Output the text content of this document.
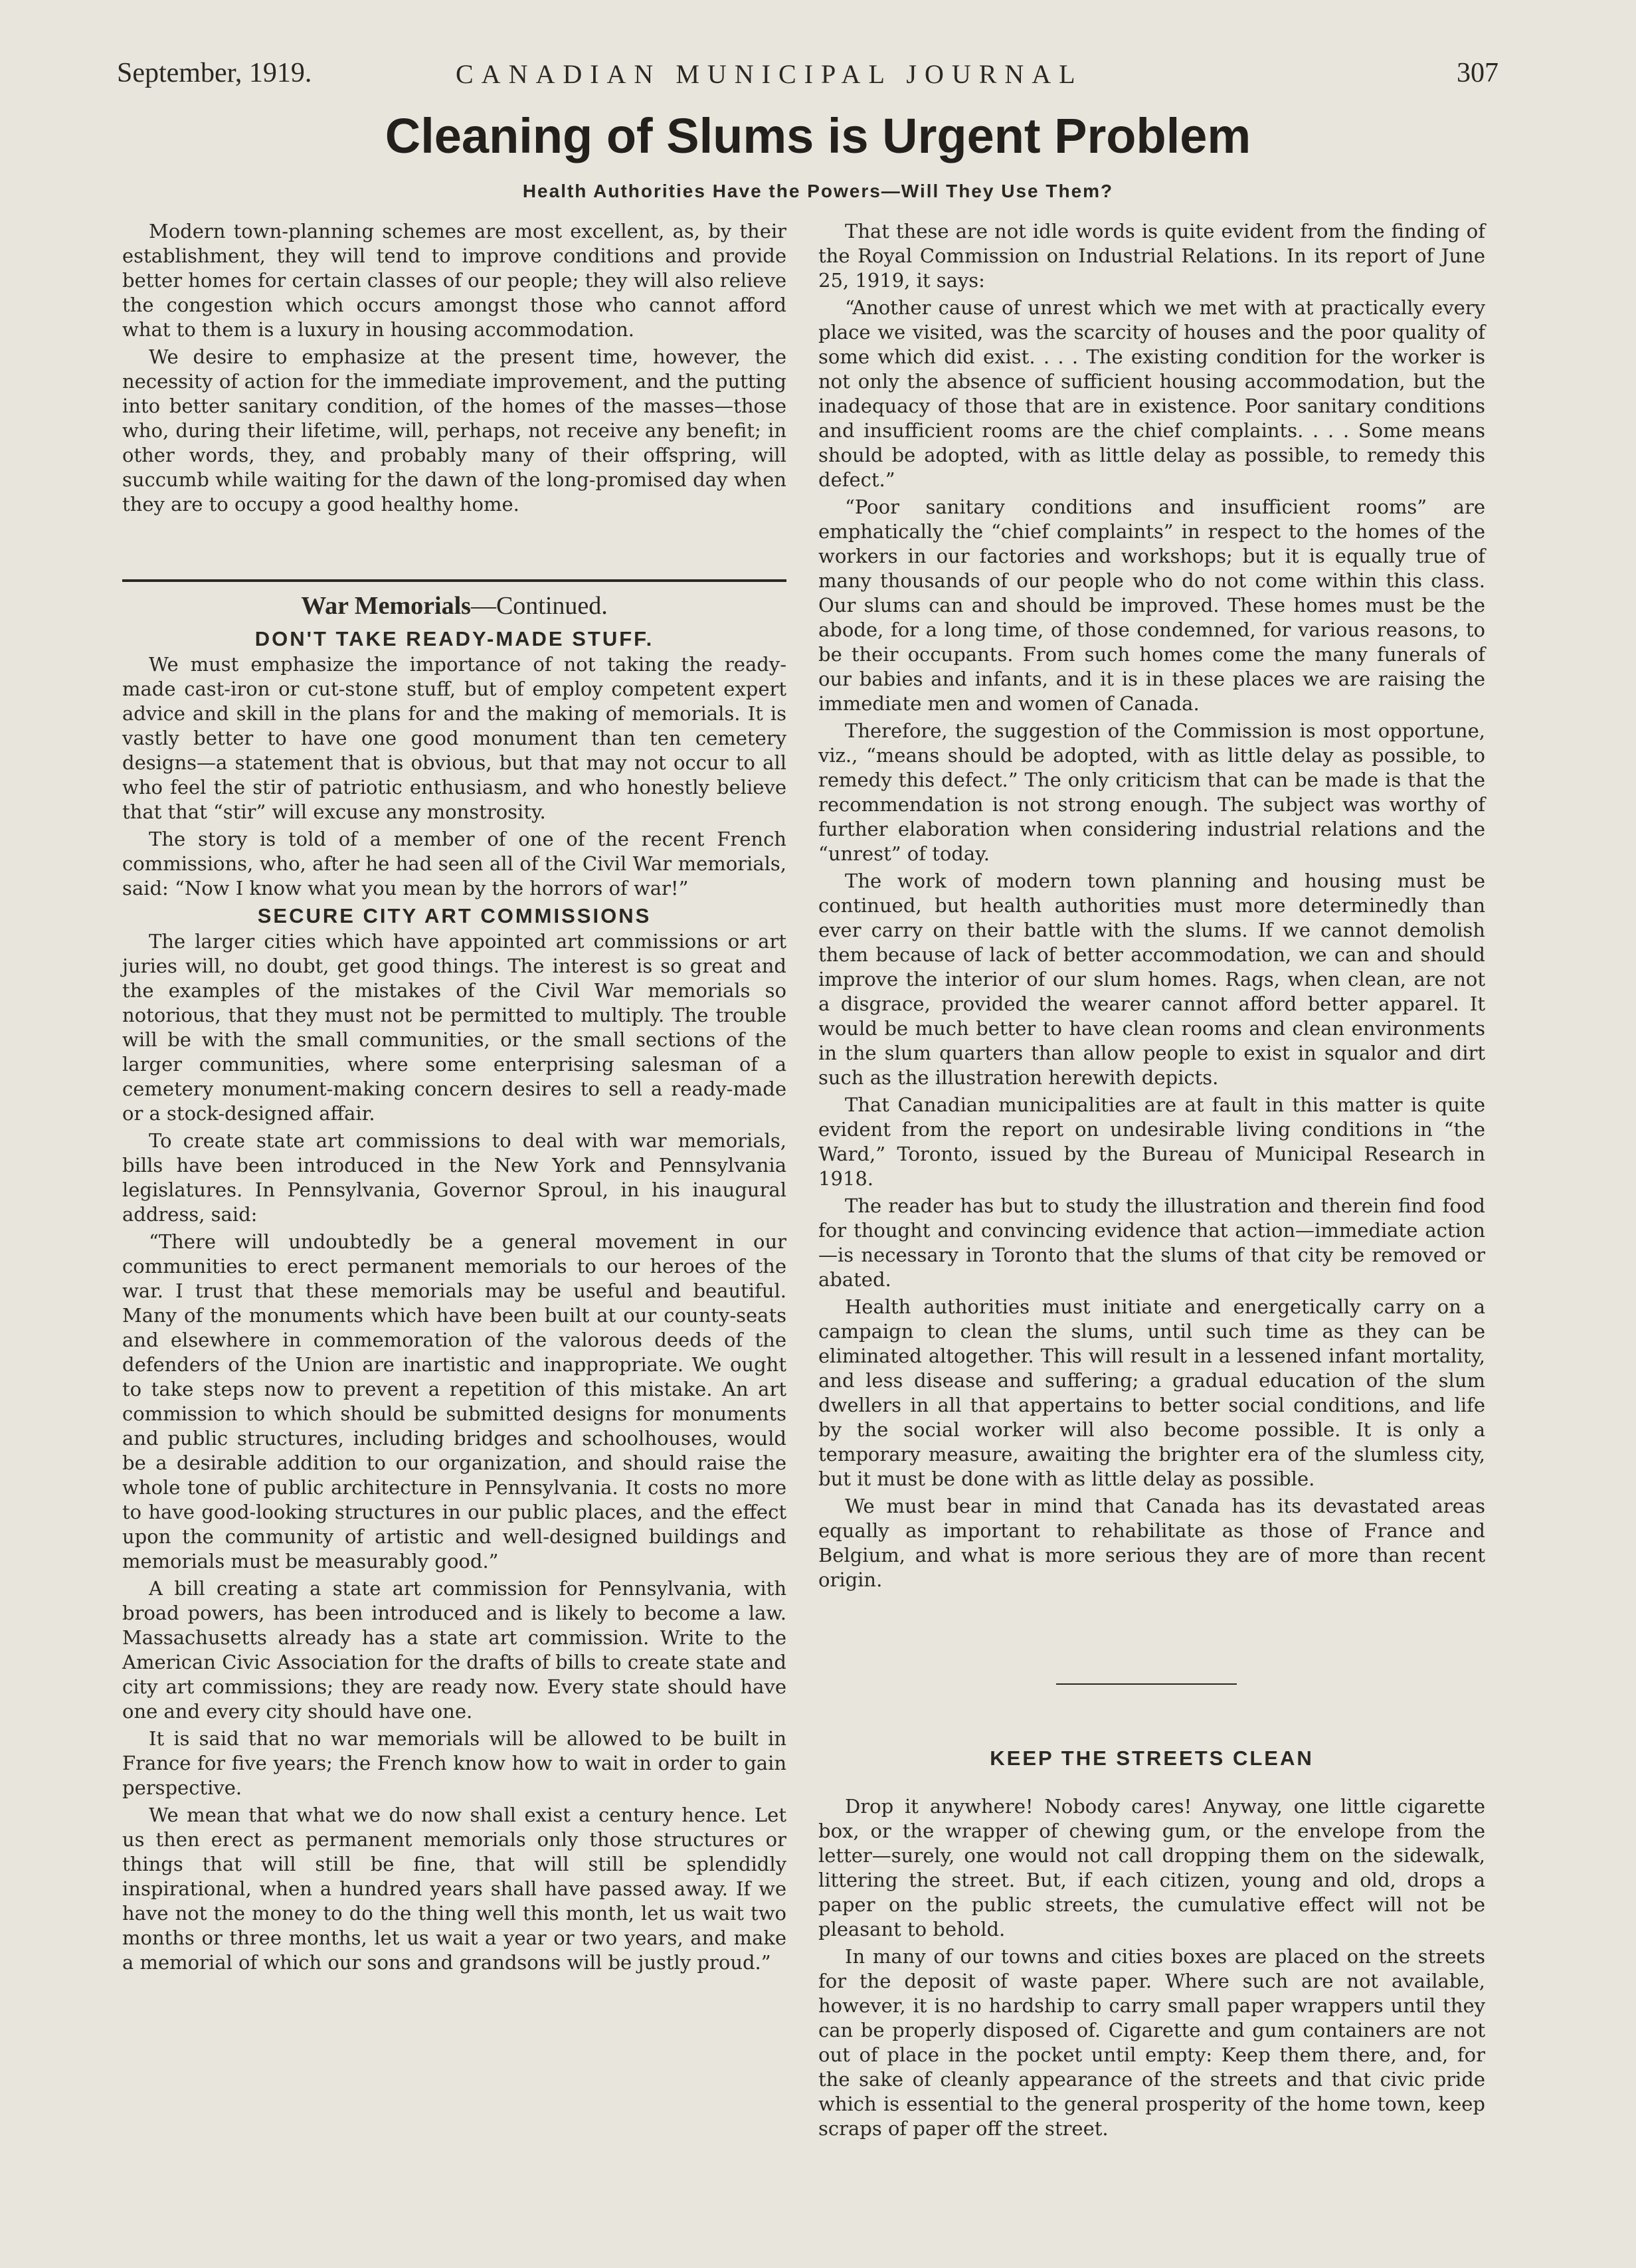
September, 1919.	CANADIAN MUNICIPAL JOURNAL	307
Cleaning of Slums is Urgent Problem
Health Authorities Have the Powers—Will They Use Them?

Modern town-planning schemes are most excellent, as, by their establishment, they will tend to improve conditions and provide better homes for certain classes of our people; they will also relieve the congestion which occurs amongst those who cannot afford what to them is a luxury in housing accommodation.

We desire to emphasize at the present time, however, the necessity of action for the immediate improvement, and the putting into better sanitary condition, of the homes of the masses—those who, during their lifetime, will, perhaps, not receive any benefit; in other words, they, and probably many of their offspring, will succumb while waiting for the dawn of the long-promised day when they are to occupy a good healthy home.

War Memorials—Continued.
DON'T TAKE READY-MADE STUFF.

We must emphasize the importance of not taking the ready-made cast-iron or cut-stone stuff, but of employ competent expert advice and skill in the plans for and the making of memorials. It is vastly better to have one good monument than ten cemetery designs—a statement that is obvious, but that may not occur to all who feel the stir of patriotic enthusiasm, and who honestly believe that that “stir” will excuse any monstrosity.

The story is told of a member of one of the recent French commissions, who, after he had seen all of the Civil War memorials, said: “Now I know what you mean by the horrors of war!”

SECURE CITY ART COMMISSIONS

The larger cities which have appointed art commissions or art juries will, no doubt, get good things. The interest is so great and the examples of the mistakes of the Civil War memorials so notorious, that they must not be permitted to multiply. The trouble will be with the small communities, or the small sections of the larger communities, where some enterprising salesman of a cemetery monument-making concern desires to sell a ready-made or a stock-designed affair.

To create state art commissions to deal with war memorials, bills have been introduced in the New York and Pennsylvania legislatures. In Pennsylvania, Governor Sproul, in his inaugural address, said:

“There will undoubtedly be a general movement in our communities to erect permanent memorials to our heroes of the war. I trust that these memorials may be useful and beautiful. Many of the monuments which have been built at our county-seats and elsewhere in commemoration of the valorous deeds of the defenders of the Union are inartistic and inappropriate. We ought to take steps now to prevent a repetition of this mistake. An art commission to which should be submitted designs for monuments and public structures, including bridges and schoolhouses, would be a desirable addition to our organization, and should raise the whole tone of public architecture in Pennsylvania. It costs no more to have good-looking structures in our public places, and the effect upon the community of artistic and well-designed buildings and memorials must be measurably good.”

A bill creating a state art commission for Pennsylvania, with broad powers, has been introduced and is likely to become a law. Massachusetts already has a state art commission. Write to the American Civic Association for the drafts of bills to create state and city art commissions; they are ready now. Every state should have one and every city should have one.

It is said that no war memorials will be allowed to be built in France for five years; the French know how to wait in order to gain perspective.

We mean that what we do now shall exist a century hence. Let us then erect as permanent memorials only those structures or things that will still be fine, that will still be splendidly inspirational, when a hundred years shall have passed away. If we have not the money to do the thing well this month, let us wait two months or three months, let us wait a year or two years, and make a memorial of which our sons and grandsons will be justly proud.”

That these are not idle words is quite evident from the finding of the Royal Commission on Industrial Relations. In its report of June 25, 1919, it says:

“Another cause of unrest which we met with at practically every place we visited, was the scarcity of houses and the poor quality of some which did exist. . . . The existing condition for the worker is not only the absence of sufficient housing accommodation, but the inadequacy of those that are in existence. Poor sanitary conditions and insufficient rooms are the chief complaints. . . . Some means should be adopted, with as little delay as possible, to remedy this defect.”

“Poor sanitary conditions and insufficient rooms” are emphatically the “chief complaints” in respect to the homes of the workers in our factories and workshops; but it is equally true of many thousands of our people who do not come within this class. Our slums can and should be improved. These homes must be the abode, for a long time, of those condemned, for various reasons, to be their occupants. From such homes come the many funerals of our babies and infants, and it is in these places we are raising the immediate men and women of Canada.

Therefore, the suggestion of the Commission is most opportune, viz., “means should be adopted, with as little delay as possible, to remedy this defect.” The only criticism that can be made is that the recommendation is not strong enough. The subject was worthy of further elaboration when considering industrial relations and the “unrest” of today.

The work of modern town planning and housing must be continued, but health authorities must more determinedly than ever carry on their battle with the slums. If we cannot demolish them because of lack of better accommodation, we can and should improve the interior of our slum homes. Rags, when clean, are not a disgrace, provided the wearer cannot afford better apparel. It would be much better to have clean rooms and clean environments in the slum quarters than allow people to exist in squalor and dirt such as the illustration herewith depicts.

That Canadian municipalities are at fault in this matter is quite evident from the report on undesirable living conditions in “the Ward,” Toronto, issued by the Bureau of Municipal Research in 1918.

The reader has but to study the illustration and therein find food for thought and convincing evidence that action—immediate action—is necessary in Toronto that the slums of that city be removed or abated.

Health authorities must initiate and energetically carry on a campaign to clean the slums, until such time as they can be eliminated altogether. This will result in a lessened infant mortality, and less disease and suffering; a gradual education of the slum dwellers in all that appertains to better social conditions, and life by the social worker will also become possible. It is only a temporary measure, awaiting the brighter era of the slumless city, but it must be done with as little delay as possible.

We must bear in mind that Canada has its devastated areas equally as important to rehabilitate as those of France and Belgium, and what is more serious they are of more than recent origin.

KEEP THE STREETS CLEAN

Drop it anywhere! Nobody cares! Anyway, one little cigarette box, or the wrapper of chewing gum, or the envelope from the letter—surely, one would not call dropping them on the sidewalk, littering the street. But, if each citizen, young and old, drops a paper on the public streets, the cumulative effect will not be pleasant to behold.

In many of our towns and cities boxes are placed on the streets for the deposit of waste paper. Where such are not available, however, it is no hardship to carry small paper wrappers until they can be properly disposed of. Cigarette and gum containers are not out of place in the pocket until empty: Keep them there, and, for the sake of cleanly appearance of the streets and that civic pride which is essential to the general prosperity of the home town, keep scraps of paper off the street.
